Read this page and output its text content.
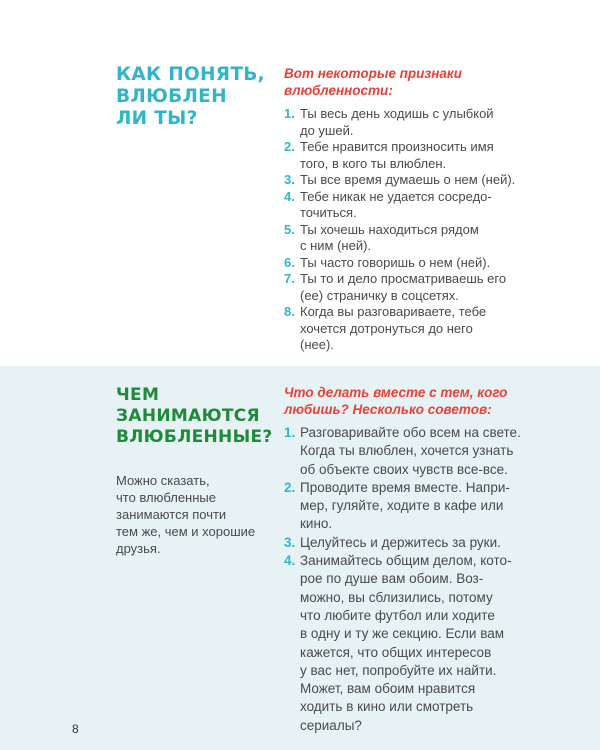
КАК ПОНЯТЬ,
ВЛЮБЛЕН
ЛИ ТЫ?

Вот некоторые признаки
влюбленности:

1. Ты весь день ходишь с улыбкой
до ушей.
2. Тебе нравится произносить имя
того, в кого ты влюблен.
3. Ты все время думаешь о нем (ней).
4. Тебе никак не удается сосредо-
точиться.
5. Ты хочешь находиться рядом
с ним (ней).
6. Ты часто говоришь о нем (ней).
7. Ты то и дело просматриваешь его
(ее) страничку в соцсетях.
8. Когда вы разговариваете, тебе
хочется дотронуться до него
(нее).
ЧЕМ
ЗАНИМАЮТСЯ
ВЛЮБЛЕННЫЕ?

Можно сказать,
что влюбленные
занимаются почти
тем же, чем и хорошие
друзья.

Что делать вместе с тем, кого
любишь? Несколько советов:

1. Разговаривайте обо всем на свете.
Когда ты влюблен, хочется узнать
об объекте своих чувств все-все.
2. Проводите время вместе. Напри-
мер, гуляйте, ходите в кафе или
кино.
3. Целуйтесь и держитесь за руки.
4. Занимайтесь общим делом, кото-
рое по душе вам обоим. Воз-
можно, вы сблизились, потому
что любите футбол или ходите
в одну и ту же секцию. Если вам
кажется, что общих интересов
у вас нет, попробуйте их найти.
Может, вам обоим нравится
ходить в кино или смотреть
сериалы?
8
